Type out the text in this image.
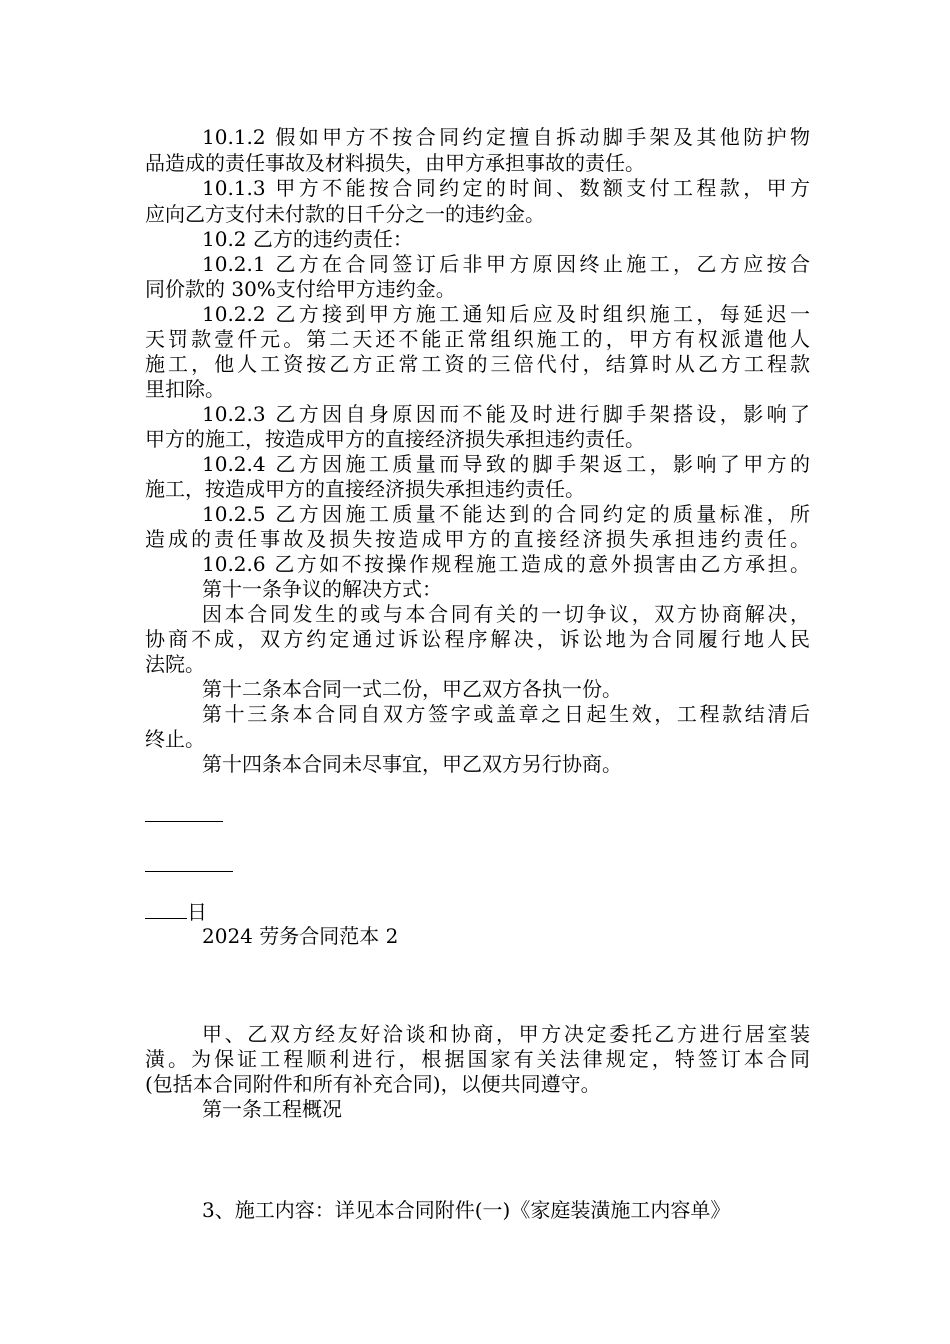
10.1.2 假如甲方不按合同约定擅自拆动脚手架及其他防护物
品造成的责任事故及材料损失，由甲方承担事故的责任。
10.1.3 甲方不能按合同约定的时间、数额支付工程款，甲方
应向乙方支付未付款的日千分之一的违约金。
10.2 乙方的违约责任：
10.2.1 乙方在合同签订后非甲方原因终止施工，乙方应按合
同价款的 30%支付给甲方违约金。
10.2.2 乙方接到甲方施工通知后应及时组织施工，每延迟一
天罚款壹仟元。第二天还不能正常组织施工的，甲方有权派遣他人
施工，他人工资按乙方正常工资的三倍代付，结算时从乙方工程款
里扣除。
10.2.3 乙方因自身原因而不能及时进行脚手架搭设，影响了
甲方的施工，按造成甲方的直接经济损失承担违约责任。
10.2.4 乙方因施工质量而导致的脚手架返工，影响了甲方的
施工，按造成甲方的直接经济损失承担违约责任。
10.2.5 乙方因施工质量不能达到的合同约定的质量标准，所
造成的责任事故及损失按造成甲方的直接经济损失承担违约责任。
10.2.6 乙方如不按操作规程施工造成的意外损害由乙方承担。
第十一条争议的解决方式：
因本合同发生的或与本合同有关的一切争议，双方协商解决，
协商不成，双方约定通过诉讼程序解决，诉讼地为合同履行地人民
法院。
第十二条本合同一式二份，甲乙双方各执一份。
第十三条本合同自双方签字或盖章之日起生效，工程款结清后
终止。
第十四条本合同未尽事宜，甲乙双方另行协商。

日
2024 劳务合同范本 2

甲、乙双方经友好洽谈和协商，甲方决定委托乙方进行居室装
潢。为保证工程顺利进行，根据国家有关法律规定，特签订本合同
(包括本合同附件和所有补充合同)，以便共同遵守。
第一条工程概况

3、施工内容：详见本合同附件(一)《家庭装潢施工内容单》
